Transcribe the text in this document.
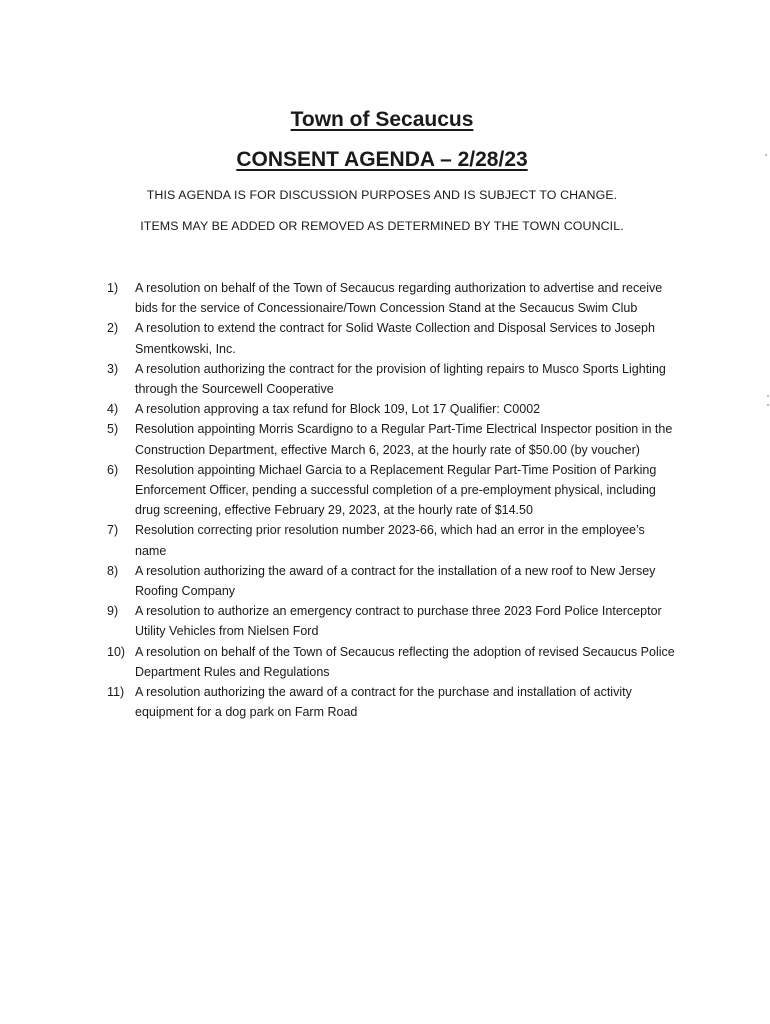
Town of Secaucus
CONSENT AGENDA – 2/28/23

THIS AGENDA IS FOR DISCUSSION PURPOSES AND IS SUBJECT TO CHANGE.

ITEMS MAY BE ADDED OR REMOVED AS DETERMINED BY THE TOWN COUNCIL.

1)	A resolution on behalf of the Town of Secaucus regarding authorization to advertise and receive bids for the service of Concessionaire/Town Concession Stand at the Secaucus Swim Club
2)	A resolution to extend the contract for Solid Waste Collection and Disposal Services to Joseph Smentkowski, Inc.
3)	A resolution authorizing the contract for the provision of lighting repairs to Musco Sports Lighting through the Sourcewell Cooperative
4)	A resolution approving a tax refund for Block 109, Lot 17 Qualifier: C0002
5)	Resolution appointing Morris Scardigno to a Regular Part-Time Electrical Inspector position in the Construction Department, effective March 6, 2023, at the hourly rate of $50.00 (by voucher)
6)	Resolution appointing Michael Garcia to a Replacement Regular Part-Time Position of Parking Enforcement Officer, pending a successful completion of a pre-employment physical, including drug screening, effective February 29, 2023, at the hourly rate of $14.50
7)	Resolution correcting prior resolution number 2023-66, which had an error in the employee’s name
8)	A resolution authorizing the award of a contract for the installation of a new roof to New Jersey Roofing Company
9)	A resolution to authorize an emergency contract to purchase three 2023 Ford Police Interceptor Utility Vehicles from Nielsen Ford
10) A resolution on behalf of the Town of Secaucus reflecting the adoption of revised Secaucus Police Department Rules and Regulations
11) A resolution authorizing the award of a contract for the purchase and installation of activity equipment for a dog park on Farm Road
